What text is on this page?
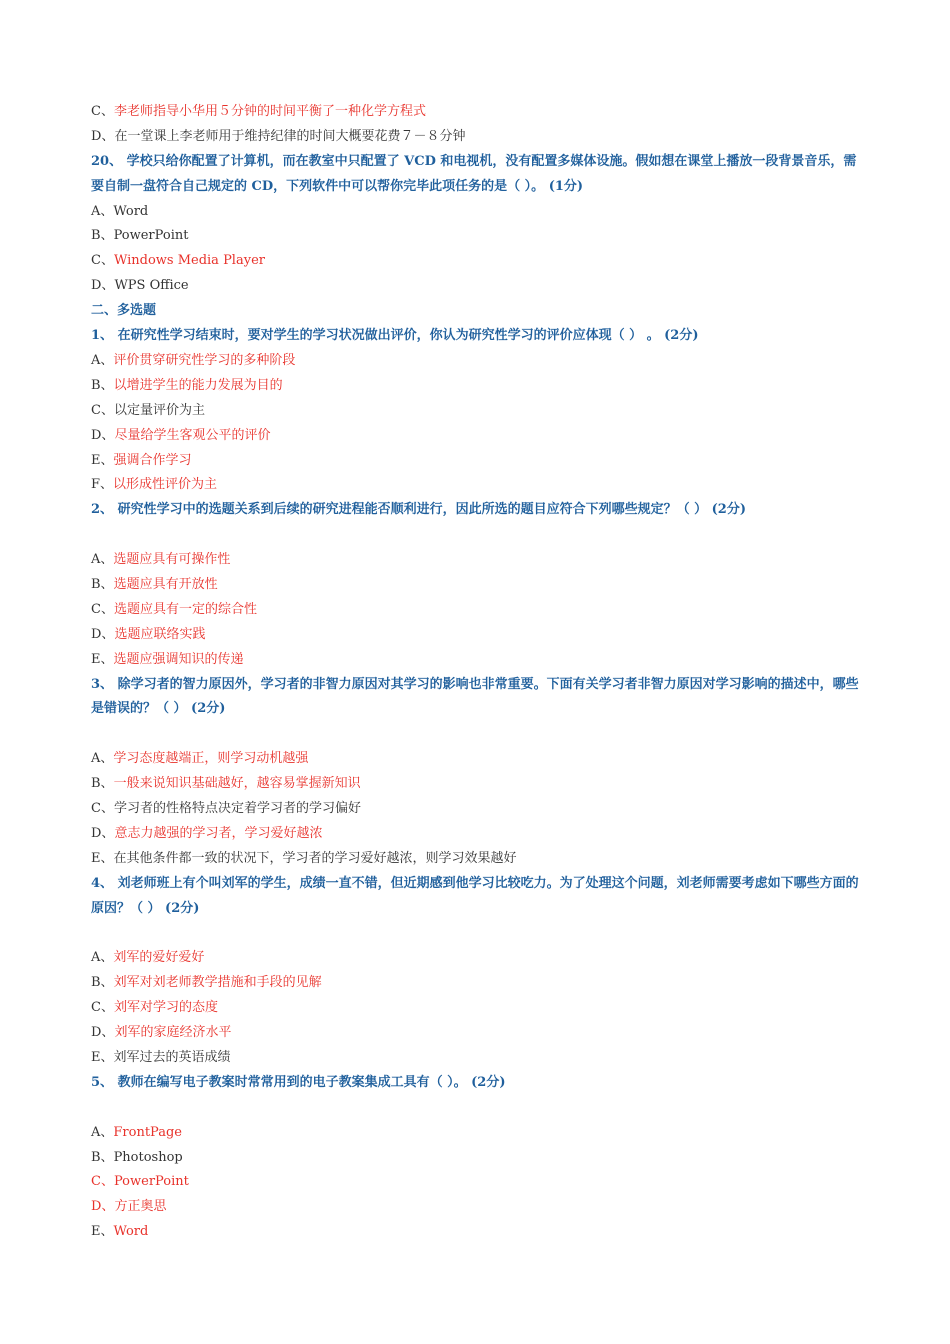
C、李老师指导小华用５分钟的时间平衡了一种化学方程式
D、在一堂课上李老师用于维持纪律的时间大概要花费７－８分钟
20、 学校只给你配置了计算机，而在教室中只配置了 VCD 和电视机，没有配置多媒体设施。假如想在课堂上播放一段背景音乐，需要自制一盘符合自己规定的 CD，下列软件中可以帮你完毕此项任务的是（ ）。 (1分)
A、Word
B、PowerPoint
C、Windows Media Player
D、WPS Office
二、多选题
1、 在研究性学习结束时，要对学生的学习状况做出评价，你认为研究性学习的评价应体现（ ） 。 (2分)
A、评价贯穿研究性学习的多种阶段
B、以增进学生的能力发展为目的
C、以定量评价为主
D、尽量给学生客观公平的评价
E、强调合作学习
F、以形成性评价为主
2、 研究性学习中的选题关系到后续的研究进程能否顺利进行，因此所选的题目应符合下列哪些规定？（ ） (2分)
A、选题应具有可操作性
B、选题应具有开放性
C、选题应具有一定的综合性
D、选题应联络实践
E、选题应强调知识的传递
3、 除学习者的智力原因外，学习者的非智力原因对其学习的影响也非常重要。下面有关学习者非智力原因对学习影响的描述中，哪些是错误的？（ ） (2分)
A、学习态度越端正，则学习动机越强
B、一般来说知识基础越好，越容易掌握新知识
C、学习者的性格特点决定着学习者的学习偏好
D、意志力越强的学习者，学习爱好越浓
E、在其他条件都一致的状况下，学习者的学习爱好越浓，则学习效果越好
4、 刘老师班上有个叫刘军的学生，成绩一直不错，但近期感到他学习比较吃力。为了处理这个问题，刘老师需要考虑如下哪些方面的原因？（ ） (2分)
A、刘军的爱好爱好
B、刘军对刘老师教学措施和手段的见解
C、刘军对学习的态度
D、刘军的家庭经济水平
E、刘军过去的英语成绩
5、 教师在编写电子教案时常常用到的电子教案集成工具有（ ）。 (2分)
A、FrontPage
B、Photoshop
C、PowerPoint
D、方正奥思
E、Word
